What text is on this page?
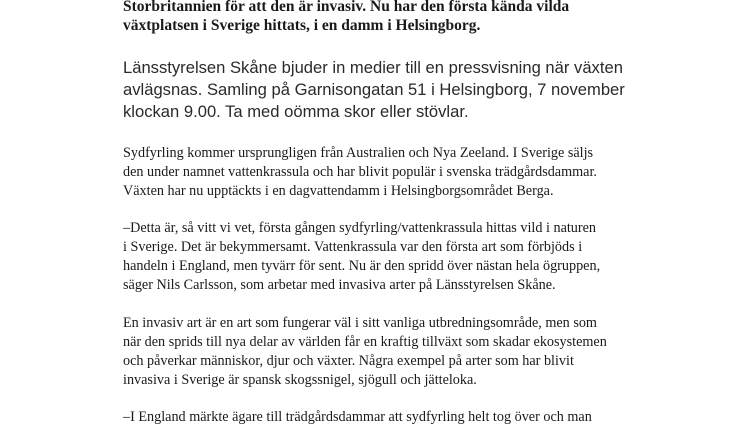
Storbritannien för att den är invasiv. Nu har den första kända vilda
växtplatsen i Sverige hittats, i en damm i Helsingborg.

Länsstyrelsen Skåne bjuder in medier till en pressvisning när växten
avlägsnas. Samling på Garnisongatan 51 i Helsingborg, 7 november
klockan 9.00. Ta med oömma skor eller stövlar.

Sydfyrling kommer ursprungligen från Australien och Nya Zeeland. I Sverige säljs
den under namnet vattenkrassula och har blivit populär i svenska trädgårdsdammar.
Växten har nu upptäckts i en dagvattendamm i Helsingborgsområdet Berga.

–Detta är, så vitt vi vet, första gången sydfyrling/vattenkrassula hittas vild i naturen
i Sverige. Det är bekymmersamt. Vattenkrassula var den första art som förbjöds i
handeln i England, men tyvärr för sent. Nu är den spridd över nästan hela ögruppen,
säger Nils Carlsson, som arbetar med invasiva arter på Länsstyrelsen Skåne.

En invasiv art är en art som fungerar väl i sitt vanliga utbredningsområde, men som
när den sprids till nya delar av världen får en kraftig tillväxt som skadar ekosystemen
och påverkar människor, djur och växter. Några exempel på arter som har blivit
invasiva i Sverige är spansk skogssnigel, sjögull och jätteloka.

–I England märkte ägare till trädgårdsdammar att sydfyrling helt tog över och man
